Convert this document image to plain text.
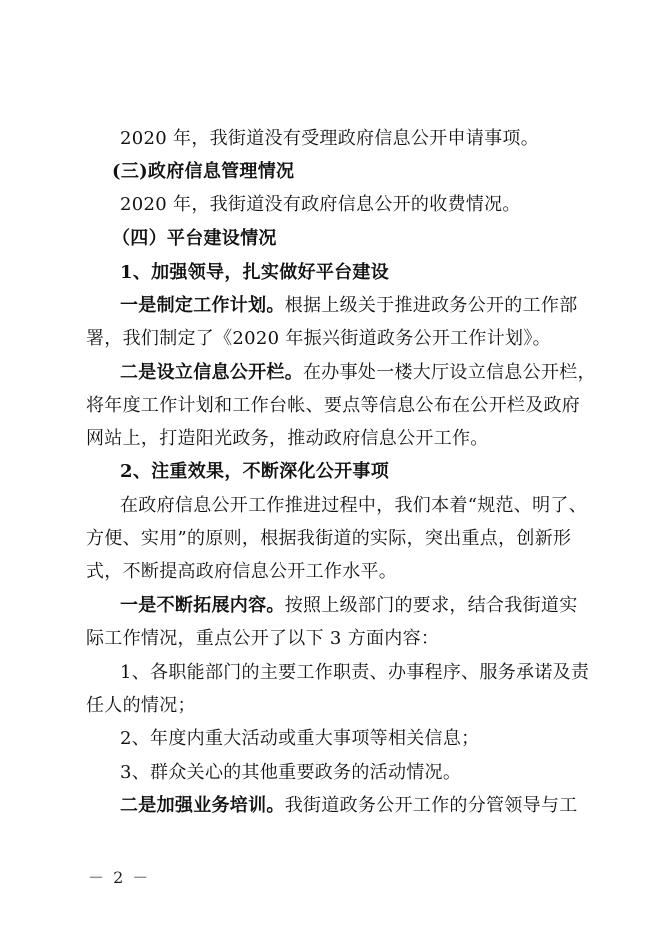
2020 年，我街道没有受理政府信息公开申请事项。
(三)政府信息管理情况
2020 年，我街道没有政府信息公开的收费情况。
（四）平台建设情况
1、加强领导，扎实做好平台建设
一是制定工作计划。根据上级关于推进政务公开的工作部
署，我们制定了《2020 年振兴街道政务公开工作计划》。
二是设立信息公开栏。在办事处一楼大厅设立信息公开栏，
将年度工作计划和工作台帐、要点等信息公布在公开栏及政府
网站上，打造阳光政务，推动政府信息公开工作。
2、注重效果，不断深化公开事项
在政府信息公开工作推进过程中，我们本着“规范、明了、
方便、实用”的原则，根据我街道的实际，突出重点，创新形
式，不断提高政府信息公开工作水平。
一是不断拓展内容。按照上级部门的要求，结合我街道实
际工作情况，重点公开了以下 3 方面内容：
1、各职能部门的主要工作职责、办事程序、服务承诺及责
任人的情况；
2、年度内重大活动或重大事项等相关信息；
3、群众关心的其他重要政务的活动情况。
二是加强业务培训。我街道政务公开工作的分管领导与工
－ 2 －
